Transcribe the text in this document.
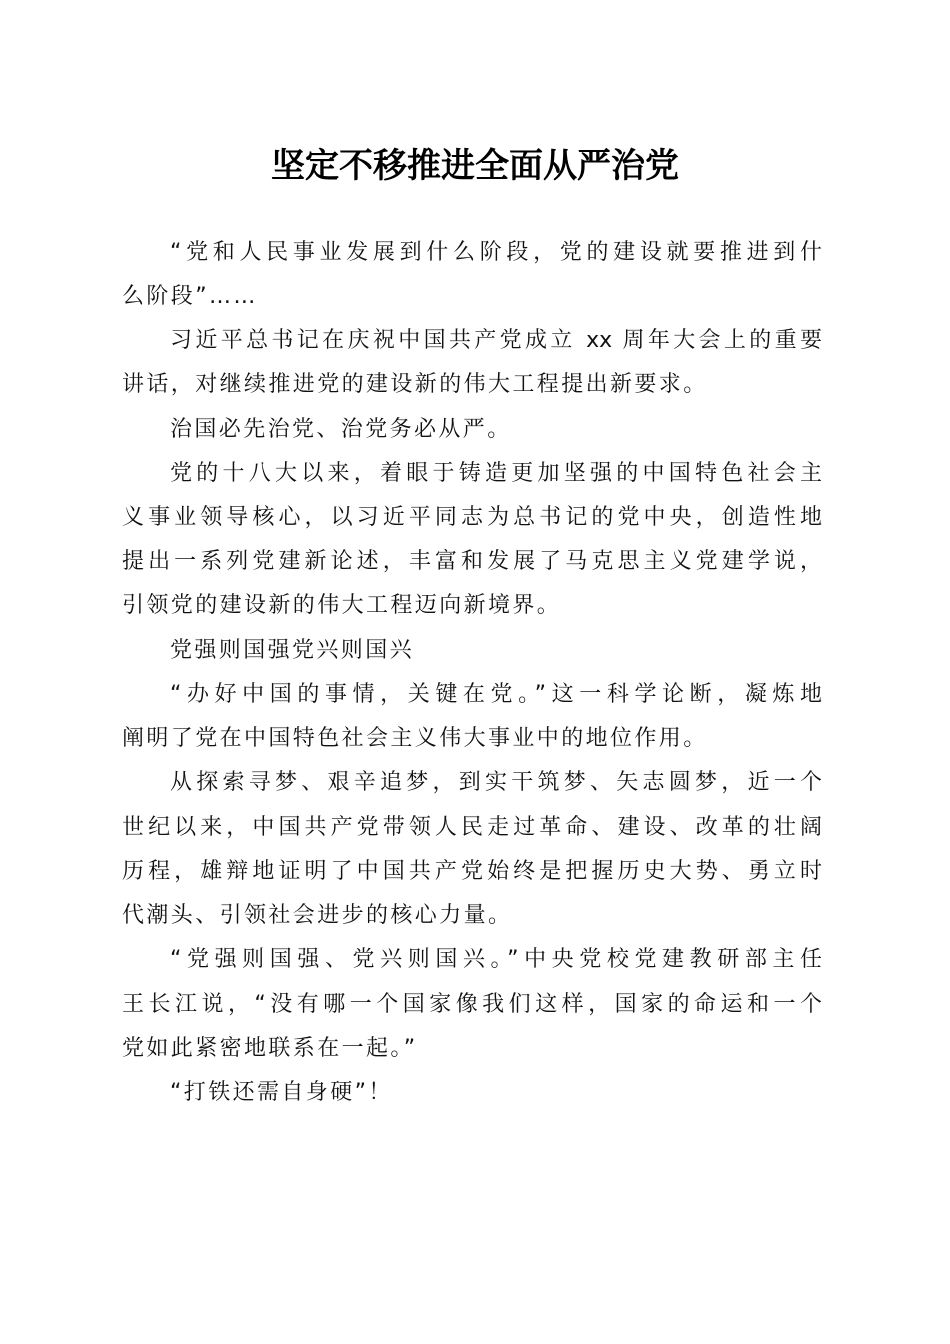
坚定不移推进全面从严治党
“党和人民事业发展到什么阶段，党的建设就要推进到什
么阶段”……
习近平总书记在庆祝中国共产党成立 xx 周年大会上的重要
讲话，对继续推进党的建设新的伟大工程提出新要求。
治国必先治党、治党务必从严。
党的十八大以来，着眼于铸造更加坚强的中国特色社会主
义事业领导核心，以习近平同志为总书记的党中央，创造性地
提出一系列党建新论述，丰富和发展了马克思主义党建学说，
引领党的建设新的伟大工程迈向新境界。
党强则国强党兴则国兴
“办好中国的事情，关键在党。”这一科学论断，凝炼地
阐明了党在中国特色社会主义伟大事业中的地位作用。
从探索寻梦、艰辛追梦，到实干筑梦、矢志圆梦，近一个
世纪以来，中国共产党带领人民走过革命、建设、改革的壮阔
历程，雄辩地证明了中国共产党始终是把握历史大势、勇立时
代潮头、引领社会进步的核心力量。
“党强则国强、党兴则国兴。”中央党校党建教研部主任
王长江说，“没有哪一个国家像我们这样，国家的命运和一个
党如此紧密地联系在一起。”
“打铁还需自身硬”！
